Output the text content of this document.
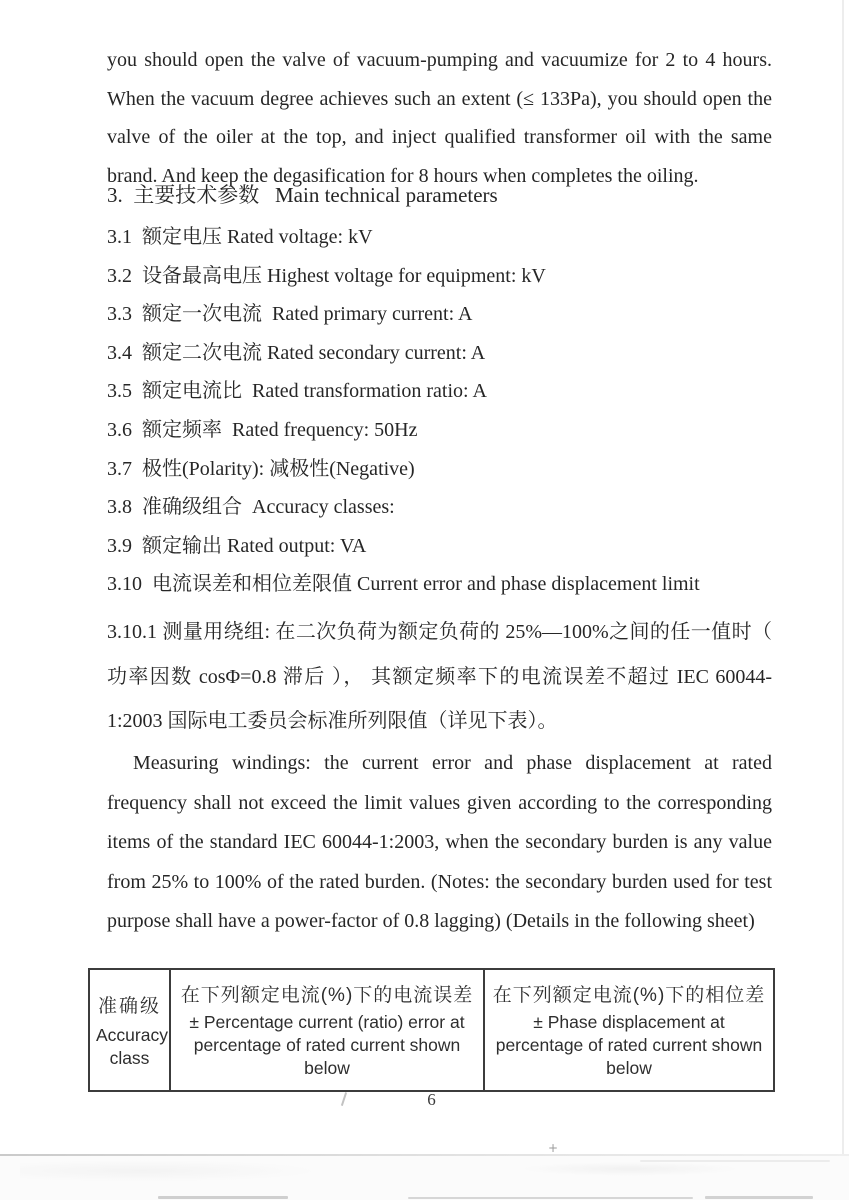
you should open the valve of vacuum-pumping and vacuumize for 2 to 4 hours. When the vacuum degree achieves such an extent (≤ 133Pa), you should open the valve of the oiler at the top, and inject qualified transformer oil with the same brand. And keep the degasification for 8 hours when completes the oiling.

3.  主要技术参数   Main technical parameters
3.1  额定电压 Rated voltage: kV
3.2  设备最高电压 Highest voltage for equipment: kV
3.3  额定一次电流  Rated primary current: A
3.4  额定二次电流 Rated secondary current: A
3.5  额定电流比  Rated transformation ratio: A
3.6  额定频率  Rated frequency: 50Hz
3.7  极性(Polarity): 减极性(Negative)
3.8  准确级组合  Accuracy classes:
3.9  额定输出 Rated output: VA
3.10  电流误差和相位差限值 Current error and phase displacement limit

3.10.1 测量用绕组: 在二次负荷为额定负荷的 25%—100%之间的任一值时（ 功率因数 cosΦ=0.8 滞后 ）， 其额定频率下的电流误差不超过 IEC 60044-1:2003 国际电工委员会标准所列限值（详见下表）。

Measuring windings: the current error and phase displacement at rated frequency shall not exceed the limit values given according to the corresponding items of the standard IEC 60044-1:2003, when the secondary burden is any value from 25% to 100% of the rated burden. (Notes: the secondary burden used for test purpose shall have a power-factor of 0.8 lagging) (Details in the following sheet)

准确级
Accuracy class
在下列额定电流(%)下的电流误差
± Percentage current (ratio) error at percentage of rated current shown below
在下列额定电流(%)下的相位差
± Phase displacement at percentage of rated current shown below
6
+
